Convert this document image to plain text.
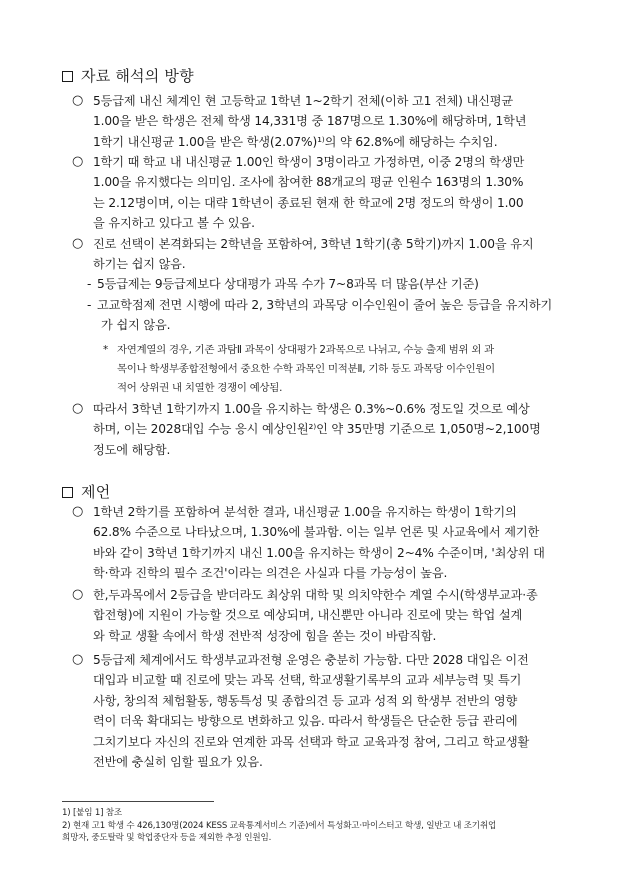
자료 해석의 방향
○ 5등급제 내신 체계인 현 고등학교 1학년 1~2학기 전체(이하 고1 전체) 내신평균
1.00을 받은 학생은 전체 학생 14,331명 중 187명으로 1.30%에 해당하며, 1학년
1학기 내신평균 1.00을 받은 학생(2.07%)¹⁾의 약 62.8%에 해당하는 수치임.
○ 1학기 때 학교 내 내신평균 1.00인 학생이 3명이라고 가정하면, 이중 2명의 학생만
1.00을 유지했다는 의미임. 조사에 참여한 88개교의 평균 인원수 163명의 1.30%
는 2.12명이며, 이는 대략 1학년이 종료된 현재 한 학교에 2명 정도의 학생이 1.00
을 유지하고 있다고 볼 수 있음.
○ 진로 선택이 본격화되는 2학년을 포함하여, 3학년 1학기(총 5학기)까지 1.00을 유지
하기는 쉽지 않음.
- 5등급제는 9등급제보다 상대평가 과목 수가 7~8과목 더 많음(부산 기준)
- 고교학점제 전면 시행에 따라 2, 3학년의 과목당 이수인원이 줄어 높은 등급을 유지하기
가 쉽지 않음.
* 자연계열의 경우, 기존 과탐Ⅱ 과목이 상대평가 2과목으로 나뉘고, 수능 출제 범위 외 과
목이나 학생부종합전형에서 중요한 수학 과목인 미적분Ⅱ, 기하 등도 과목당 이수인원이
적어 상위권 내 치열한 경쟁이 예상됨.
○ 따라서 3학년 1학기까지 1.00을 유지하는 학생은 0.3%~0.6% 정도일 것으로 예상
하며, 이는 2028대입 수능 응시 예상인원²⁾인 약 35만명 기준으로 1,050명~2,100명
정도에 해당함.
제언
○ 1학년 2학기를 포함하여 분석한 결과, 내신평균 1.00을 유지하는 학생이 1학기의
62.8% 수준으로 나타났으며, 1.30%에 불과함. 이는 일부 언론 및 사교육에서 제기한
바와 같이 3학년 1학기까지 내신 1.00을 유지하는 학생이 2~4% 수준이며, '최상위 대
학·학과 진학의 필수 조건'이라는 의견은 사실과 다를 가능성이 높음.
○ 한,두과목에서 2등급을 받더라도 최상위 대학 및 의치약한수 계열 수시(학생부교과·종
합전형)에 지원이 가능할 것으로 예상되며, 내신뿐만 아니라 진로에 맞는 학업 설계
와 학교 생활 속에서 학생 전반적 성장에 힘을 쏟는 것이 바람직함.
○ 5등급제 체계에서도 학생부교과전형 운영은 충분히 가능함. 다만 2028 대입은 이전
대입과 비교할 때 진로에 맞는 과목 선택, 학교생활기록부의 교과 세부능력 및 특기
사항, 창의적 체험활동, 행동특성 및 종합의견 등 교과 성적 외 학생부 전반의 영향
력이 더욱 확대되는 방향으로 변화하고 있음. 따라서 학생들은 단순한 등급 관리에
그치기보다 자신의 진로와 연계한 과목 선택과 학교 교육과정 참여, 그리고 학교생활
전반에 충실히 임할 필요가 있음.
1) [붙임 1] 참조
2) 현재 고1 학생 수 426,130명(2024 KESS 교육통계서비스 기준)에서 특성화고·마이스터고 학생, 일반고 내 조기취업
희망자, 중도탈락 및 학업중단자 등을 제외한 추정 인원임.
